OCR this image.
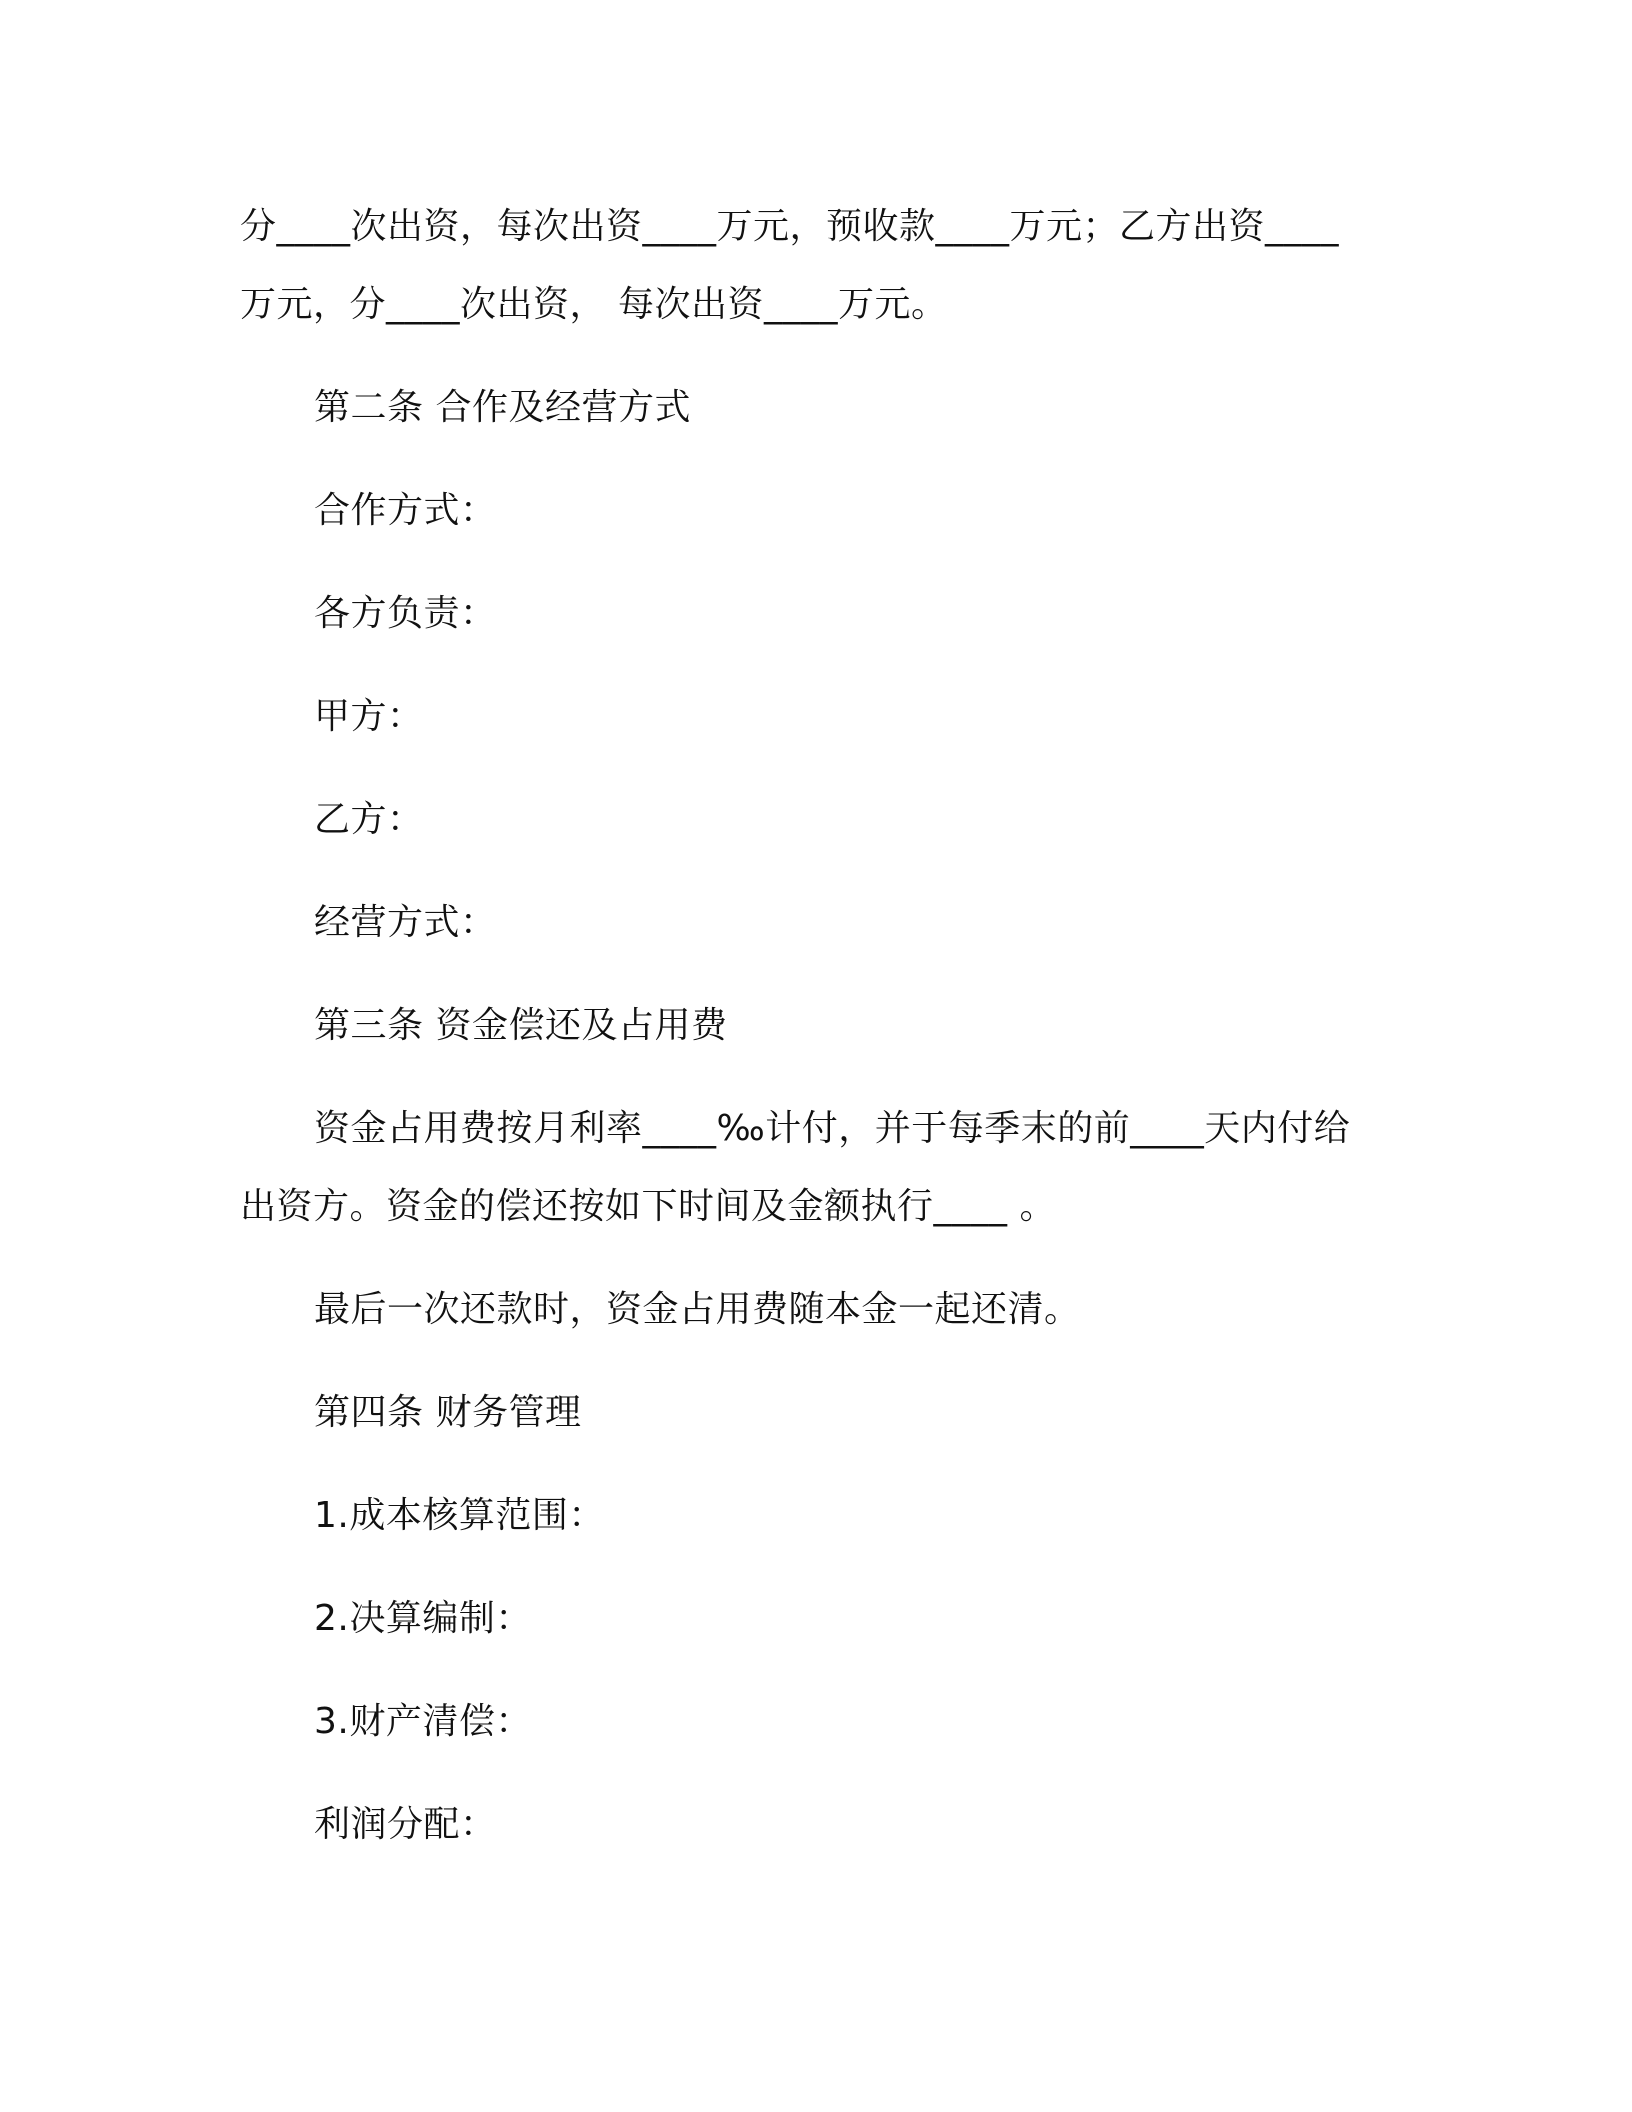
分____次出资，每次出资____万元，预收款____万元；乙方出资____万元，分____次出资， 每次出资____万元。

第二条 合作及经营方式

合作方式：

各方负责：

甲方：

乙方：

经营方式：

第三条 资金偿还及占用费

资金占用费按月利率____‰计付，并于每季末的前____天内付给出资方。资金的偿还按如下时间及金额执行____ 。

最后一次还款时，资金占用费随本金一起还清。

第四条 财务管理

1.成本核算范围：

2.决算编制：

3.财产清偿：

利润分配：
